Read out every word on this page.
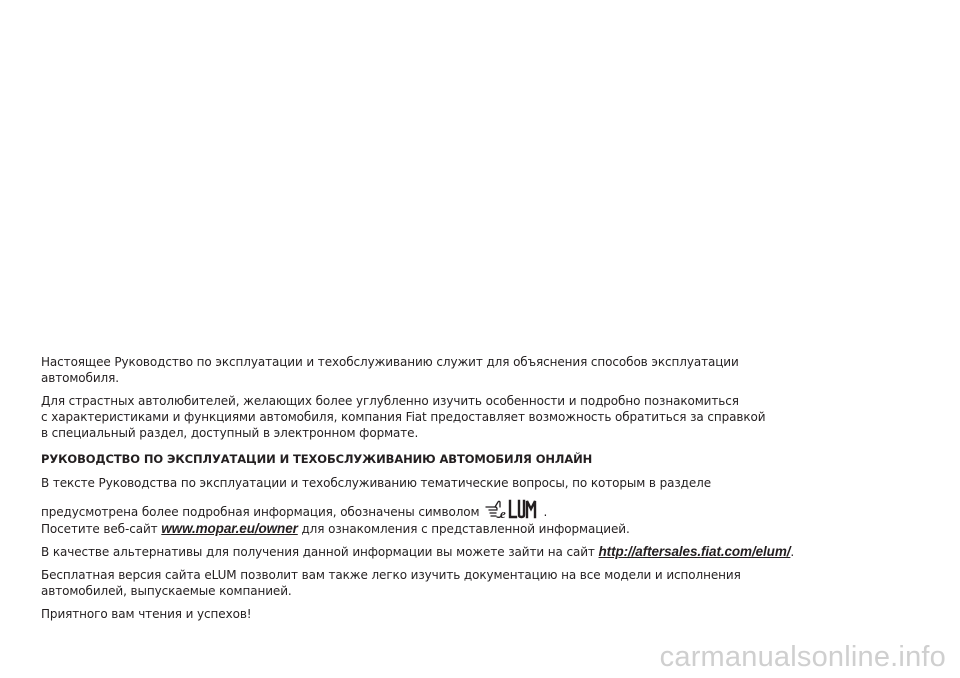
Настоящее Руководство по эксплуатации и техобслуживанию служит для объяснения способов эксплуатации
автомобиля.

Для страстных автолюбителей, желающих более углубленно изучить особенности и подробно познакомиться
с характеристиками и функциями автомобиля, компания Fiat предоставляет возможность обратиться за справкой
в специальный раздел, доступный в электронном формате.

РУКОВОДСТВО ПО ЭКСПЛУАТАЦИИ И ТЕХОБСЛУЖИВАНИЮ АВТОМОБИЛЯ ОНЛАЙН

В тексте Руководства по эксплуатации и техобслуживанию тематические вопросы, по которым в разделе

предусмотрена более подробная информация, обозначены символом e	.

Посетите веб-сайт www.mopar.eu/owner для ознакомления с представленной информацией.

В качестве альтернативы для получения данной информации вы можете зайти на сайт http://aftersales.fiat.com/elum/.

Бесплатная версия сайта eLUM позволит вам также легко изучить документацию на все модели и исполнения
автомобилей, выпускаемые компанией.

Приятного вам чтения и успехов!

carmanualsonline.info
